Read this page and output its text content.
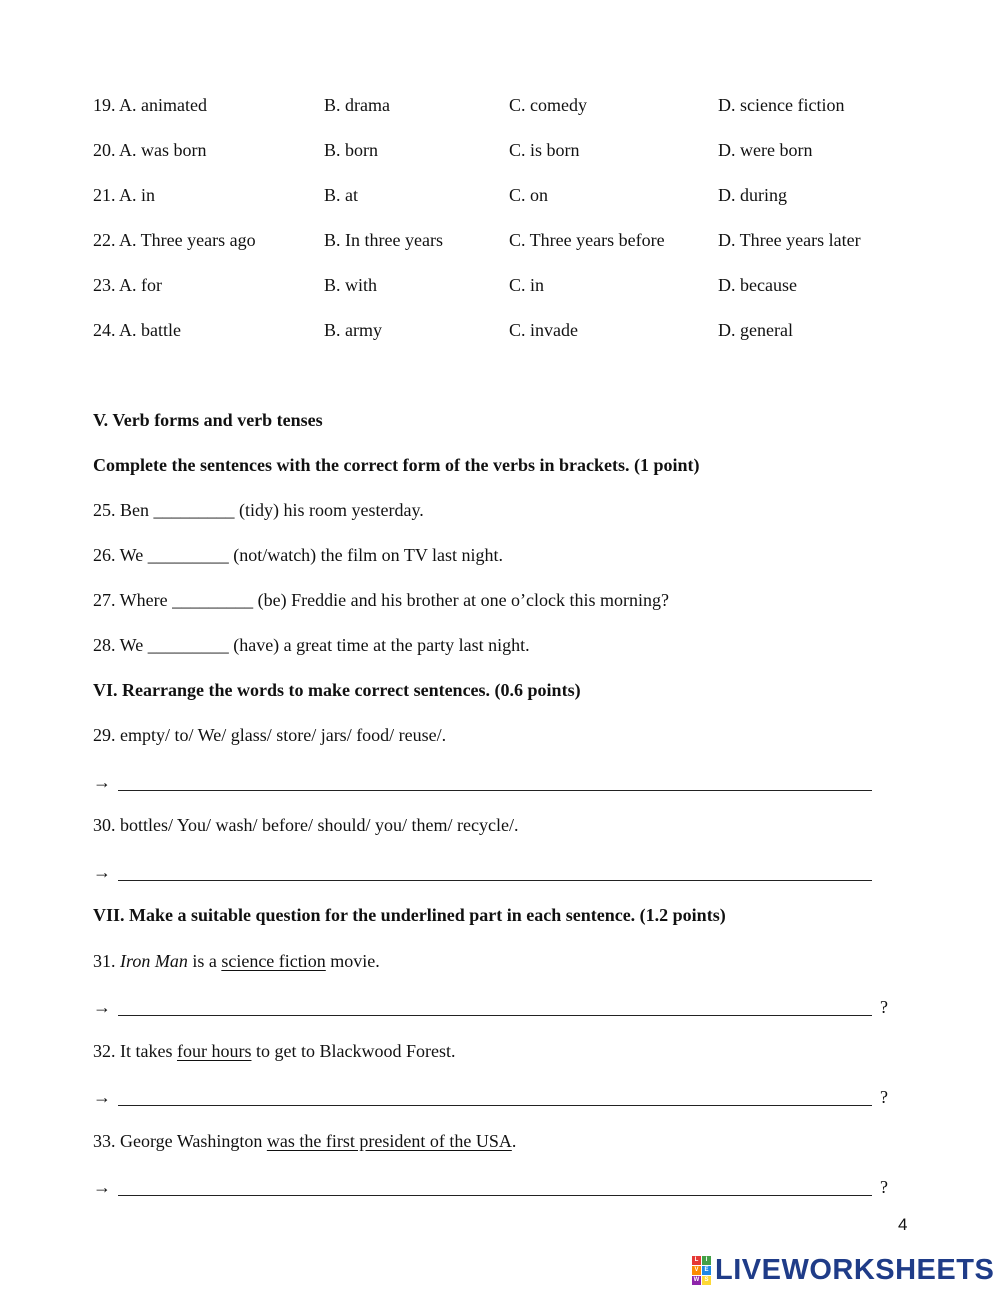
19. A. animated	B. drama	C. comedy	D. science fiction
20. A. was born	B. born	C. is born	D. were born
21. A. in	B. at	C. on	D. during
22. A. Three years ago	B. In three years	C. Three years before	D. Three years later
23. A. for	B. with	C. in	D. because
24. A. battle	B. army	C. invade	D. general
V. Verb forms and verb tenses
Complete the sentences with the correct form of the verbs in brackets. (1 point)
25. Ben _________ (tidy) his room yesterday.
26. We _________ (not/watch) the film on TV last night.
27. Where _________ (be) Freddie and his brother at one o’clock this morning?
28. We _________ (have) a great time at the party last night.
VI. Rearrange the words to make correct sentences. (0.6 points)
29. empty/ to/ We/ glass/ store/ jars/ food/ reuse/.
→
30. bottles/ You/ wash/ before/ should/ you/ them/ recycle/.
→
VII. Make a suitable question for the underlined part in each sentence. (1.2 points)
31. Iron Man is a science fiction movie.
→	?
32. It takes four hours to get to Blackwood Forest.
→	?
33. George Washington was the first president of the USA.
→	?
4
L	I
V E
W S LIVEWORKSHEETS
